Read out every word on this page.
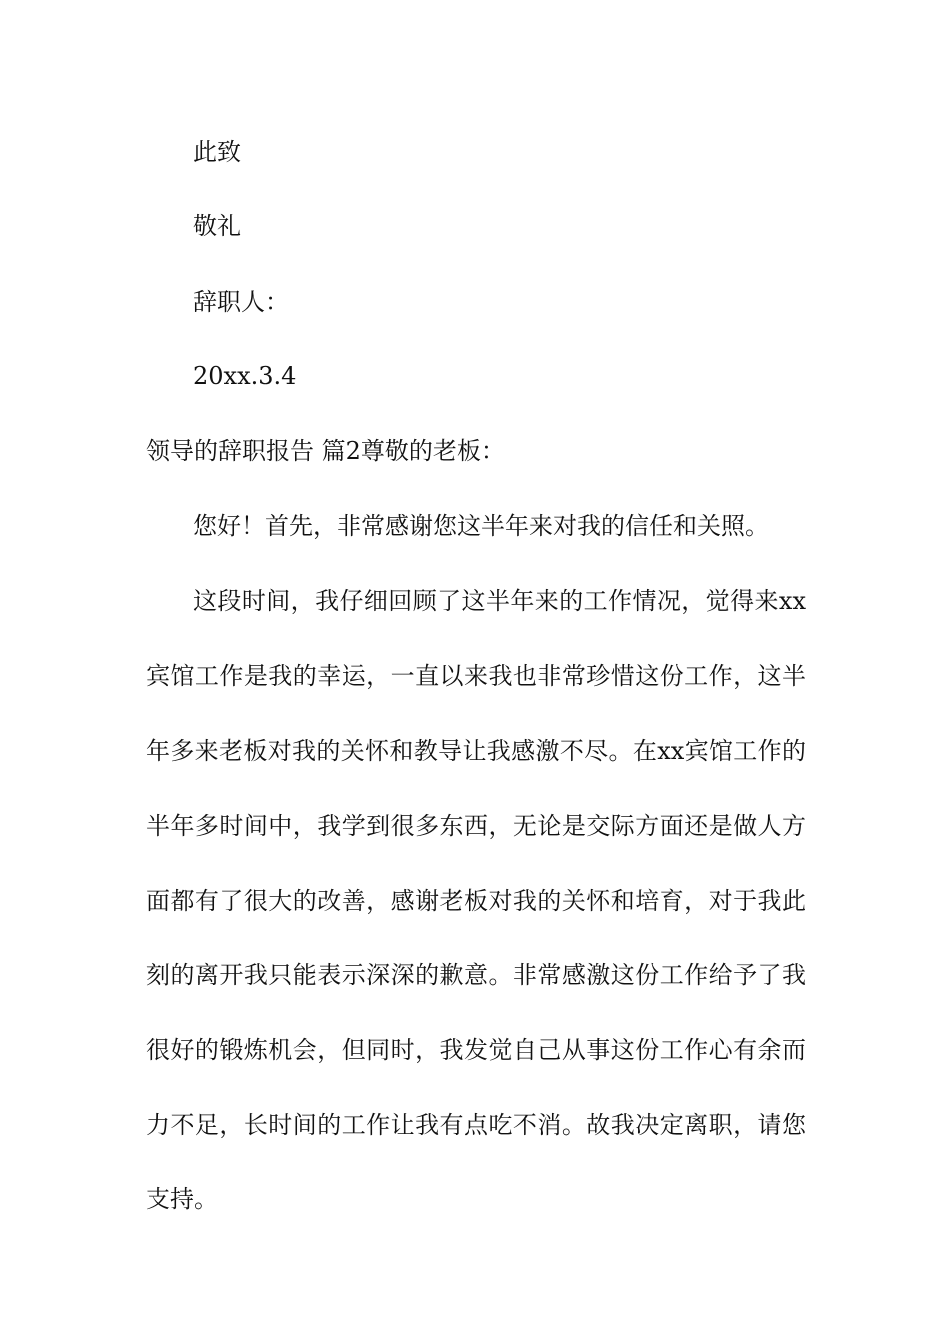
此致
敬礼
辞职人：
20xx.3.4
领导的辞职报告 篇2尊敬的老板：
您好！首先，非常感谢您这半年来对我的信任和关照。
这段时间，我仔细回顾了这半年来的工作情况，觉得来xx
宾馆工作是我的幸运，一直以来我也非常珍惜这份工作，这半
年多来老板对我的关怀和教导让我感激不尽。在xx宾馆工作的
半年多时间中，我学到很多东西，无论是交际方面还是做人方
面都有了很大的改善，感谢老板对我的关怀和培育，对于我此
刻的离开我只能表示深深的歉意。非常感激这份工作给予了我
很好的锻炼机会，但同时，我发觉自己从事这份工作心有余而
力不足，长时间的工作让我有点吃不消。故我决定离职，请您
支持。
